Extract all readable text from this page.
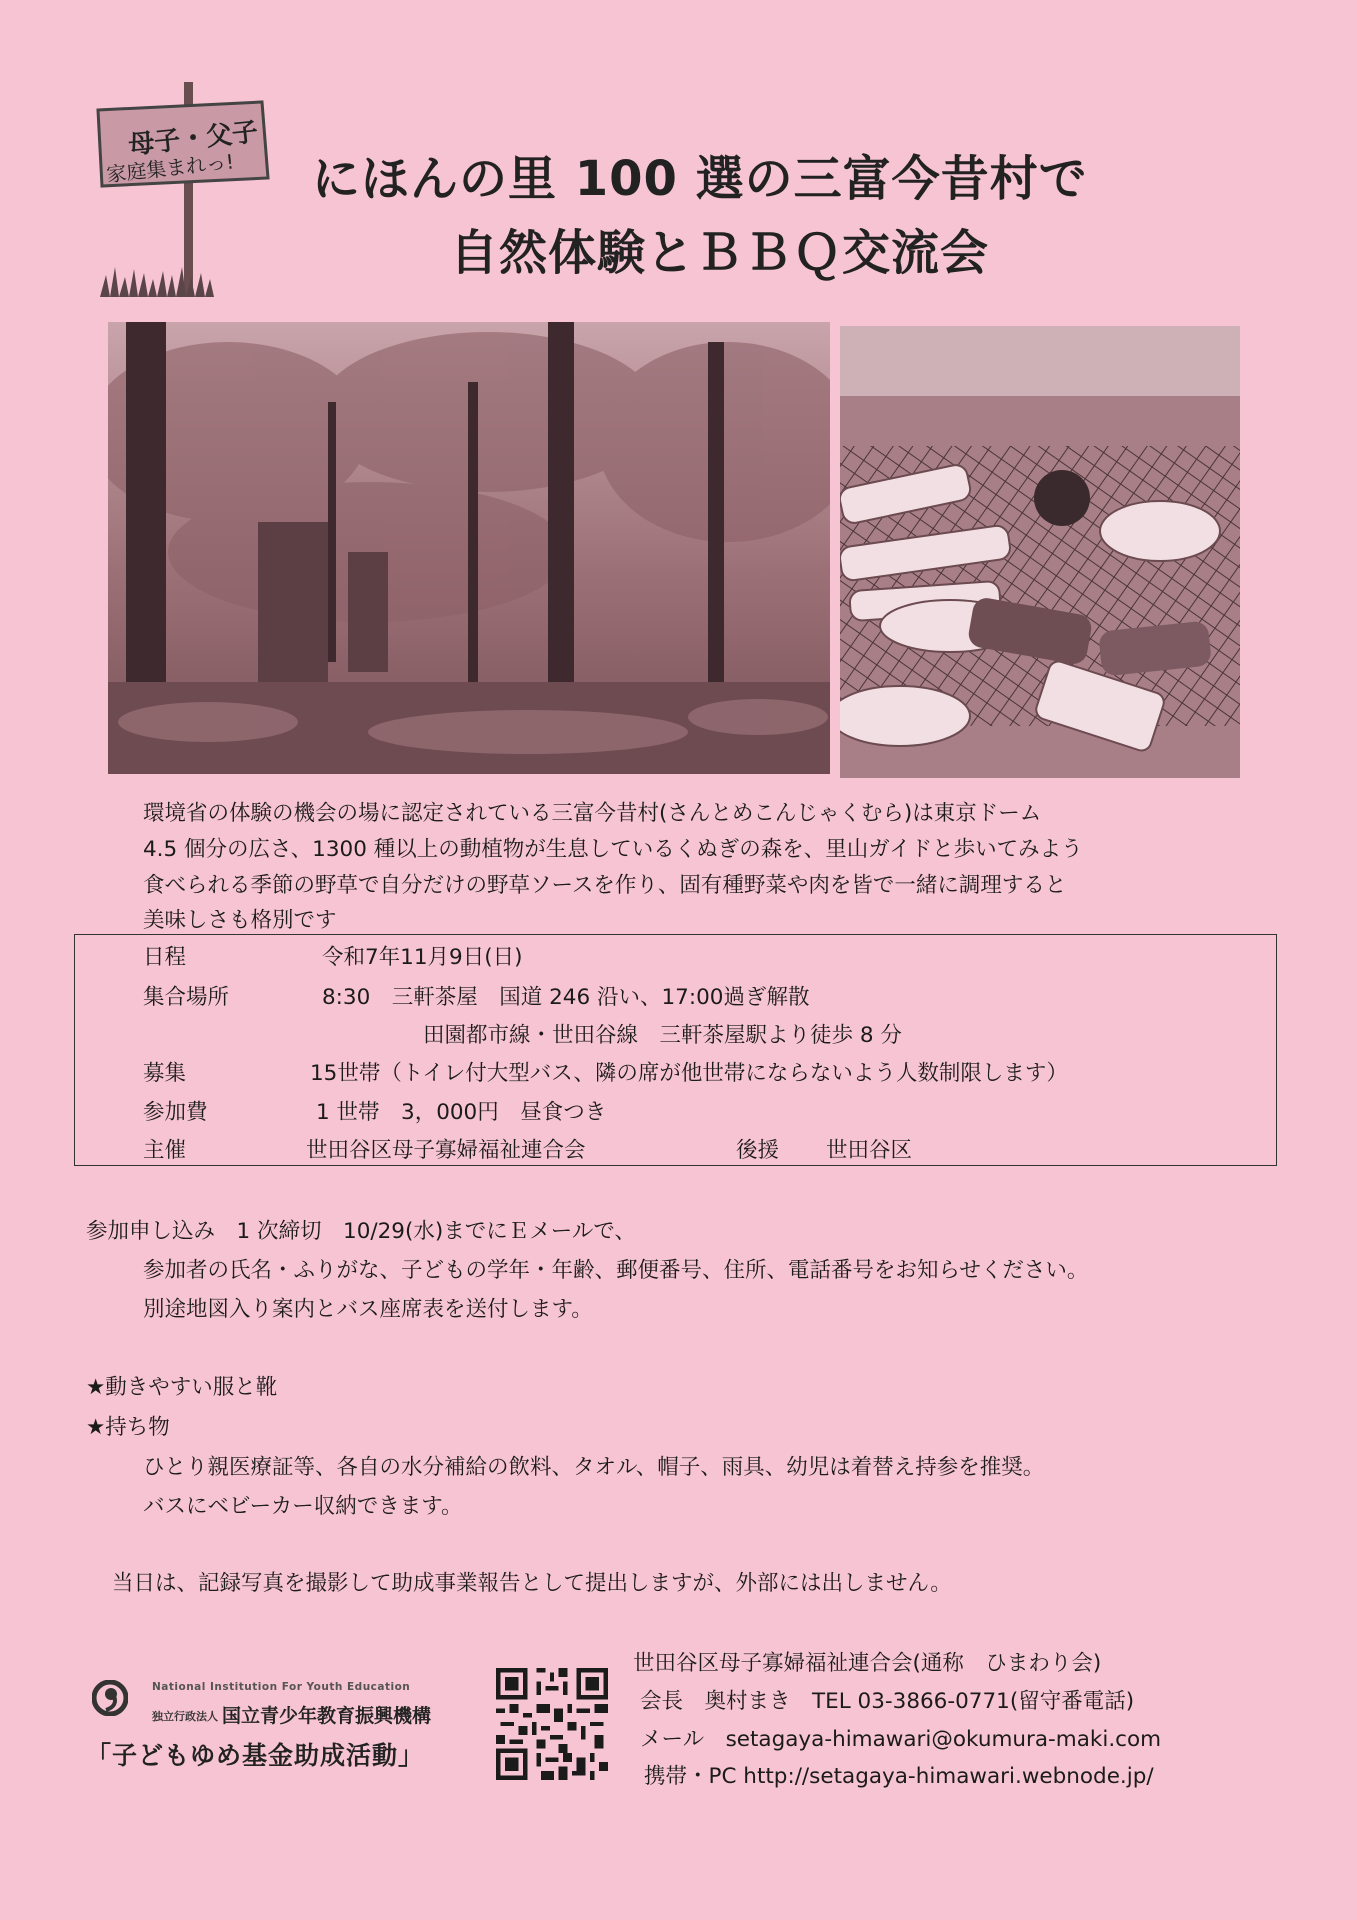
母子・父子
家庭集まれっ! にほんの里 100 選の三富今昔村で
自然体験とＢＢＱ交流会
環境省の体験の機会の場に認定されている三富今昔村(さんとめこんじゃくむら)は東京ドーム
4.5 個分の広さ、1300 種以上の動植物が生息しているくぬぎの森を、里山ガイドと歩いてみよう
食べられる季節の野草で自分だけの野草ソースを作り、固有種野菜や肉を皆で一緒に調理すると
美味しさも格別です
日程	令和7年11月9日(日)
集合場所	8:30　三軒茶屋　国道 246 沿い、17:00過ぎ解散
田園都市線・世田谷線　三軒茶屋駅より徒歩 8 分
募集	15世帯（トイレ付大型バス、隣の席が他世帯にならないよう人数制限します）
参加費	1 世帯　3，000円　昼食つき
主催	世田谷区母子寡婦福祉連合会	後援 世田谷区
参加申し込み　1 次締切　10/29(水)までにＥメールで、
参加者の氏名・ふりがな、子どもの学年・年齢、郵便番号、住所、電話番号をお知らせください。
別途地図入り案内とバス座席表を送付します。
★動きやすい服と靴
★持ち物
ひとり親医療証等、各自の水分補給の飲料、タオル、帽子、雨具、幼児は着替え持参を推奨。
バスにベビーカー収納できます。
当日は、記録写真を撮影して助成事業報告として提出しますが、外部には出しません。
National Institution For Youth Education
独立行政法人 国立青少年教育振興機構
「子どもゆめ基金助成活動」
世田谷区母子寡婦福祉連合会(通称　ひまわり会)
会長　奥村まき　TEL 03-3866-0771(留守番電話)
メール　setagaya-himawari@okumura-maki.com
携帯・PC http://setagaya-himawari.webnode.jp/
